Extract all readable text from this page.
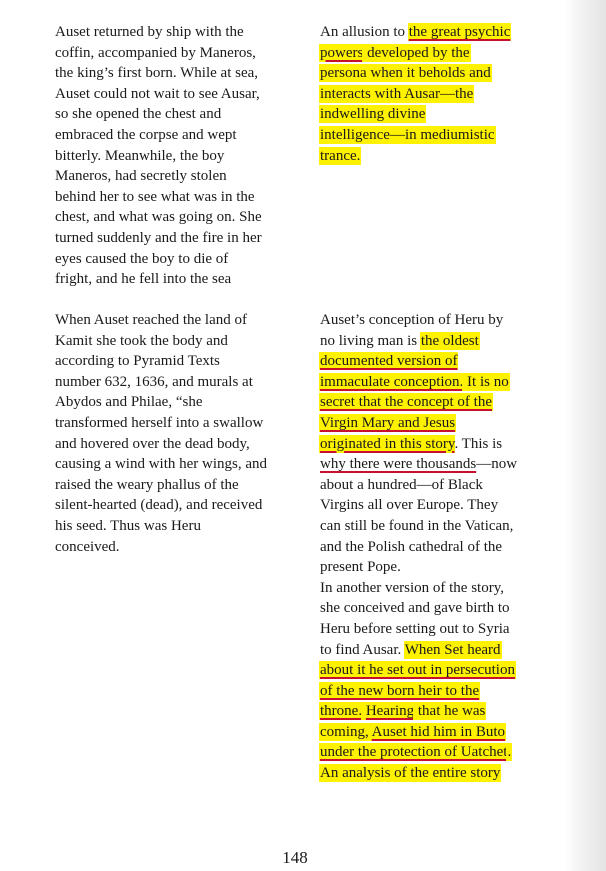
Auset returned by ship with the
coffin, accompanied by Maneros,
the king’s first born. While at sea,
Auset could not wait to see Ausar,
so she opened the chest and
embraced the corpse and wept
bitterly. Meanwhile, the boy
Maneros, had secretly stolen
behind her to see what was in the
chest, and what was going on. She
turned suddenly and the fire in her
eyes caused the boy to die of
fright, and he fell into the sea
When Auset reached the land of
Kamit she took the body and
according to Pyramid Texts
number 632, 1636, and murals at
Abydos and Philae, “she
transformed herself into a swallow
and hovered over the dead body,
causing a wind with her wings, and
raised the weary phallus of the
silent-hearted (dead), and received
his seed. Thus was Heru
conceived.
An allusion to the great psychic
powers developed by the
persona when it beholds and
interacts with Ausar—the
indwelling divine
intelligence—in mediumistic
trance.
Auset’s conception of Heru by
no living man is the oldest
documented version of
immaculate conception. It is no
secret that the concept of the
Virgin Mary and Jesus
originated in this story. This is
why there were thousands—now
about a hundred—of Black
Virgins all over Europe. They
can still be found in the Vatican,
and the Polish cathedral of the
present Pope.
In another version of the story,
she conceived and gave birth to
Heru before setting out to Syria
to find Ausar. When Set heard
about it he set out in persecution
of the new born heir to the
throne. Hearing that he was
coming, Auset hid him in Buto
under the protection of Uatchet.
An analysis of the entire story
148
